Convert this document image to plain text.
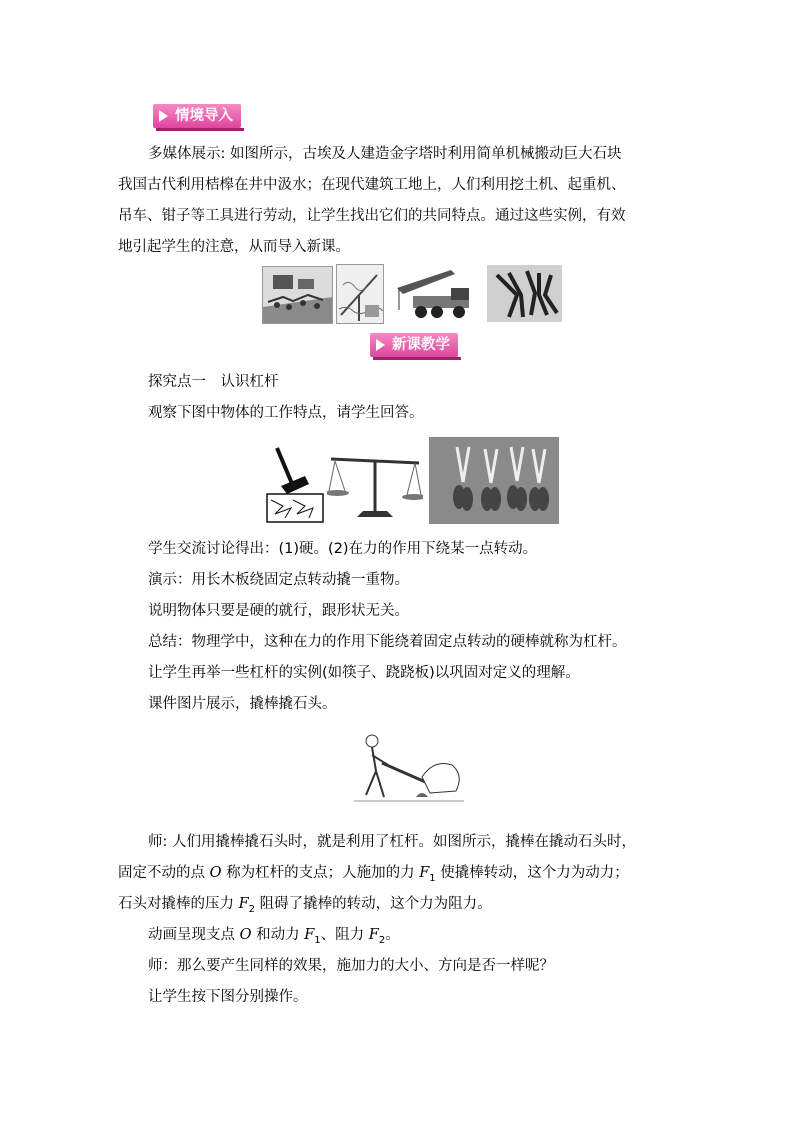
情境导入
多媒体展示: 如图所示，古埃及人建造金字塔时利用简单机械搬动巨大石块
我国古代利用桔槔在井中汲水；在现代建筑工地上，人们利用挖土机、起重机、
吊车、钳子等工具进行劳动，让学生找出它们的共同特点。通过这些实例，有效
地引起学生的注意，从而导入新课。
新课教学
探究点一　认识杠杆
观察下图中物体的工作特点，请学生回答。
学生交流讨论得出：(1)硬。(2)在力的作用下绕某一点转动。
演示：用长木板绕固定点转动撬一重物。
说明物体只要是硬的就行，跟形状无关。
总结：物理学中，这种在力的作用下能绕着固定点转动的硬棒就称为杠杆。
让学生再举一些杠杆的实例(如筷子、跷跷板)以巩固对定义的理解。
课件图片展示，撬棒撬石头。
师: 人们用撬棒撬石头时，就是利用了杠杆。如图所示，撬棒在撬动石头时，
固定不动的点 O 称为杠杆的支点；人施加的力 $F_1$ 使撬棒转动，这个力为动力；
石头对撬棒的压力 $F_2$ 阻碍了撬棒的转动，这个力为阻力。
动画呈现支点 O 和动力 $F_1$、阻力 $F_2$。
师：那么要产生同样的效果，施加力的大小、方向是否一样呢？
让学生按下图分别操作。
